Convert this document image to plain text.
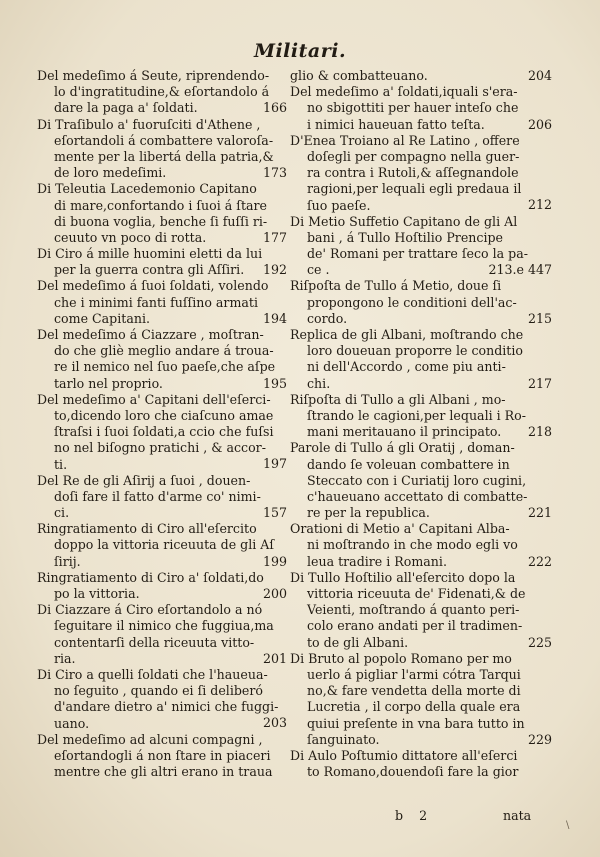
Militari.
Del medeſimo á Seute, riprendendo-
lo d'ingratitudine,& eſortandolo á
dare la paga a' ſoldati.	166
Di Traſibulo a' fuoruſciti d'Athene ,
eſortandoli á combattere valoroſa-
mente per la libertá della patria,&
de loro medeſimi.	173
Di Teleutia Lacedemonio Capitano
di mare,confortando i ſuoi á ſtare
di buona voglia, benche ſi fuſſi ri-
ceuuto vn poco di rotta.	177
Di Ciro á mille huomini eletti da lui
per la guerra contra gli Aſſiri.	192
Del medeſimo á ſuoi ſoldati, volendo
che i minimi fanti fuſſino armati
come Capitani.	194
Del medeſimo á Ciazzare , moſtran-
do che gliè meglio andare á troua-
re il nemico nel ſuo paeſe,che aſpe
tarlo nel proprio.	195
Del medeſimo a' Capitani dell'eſerci-
to,dicendo loro che ciaſcuno amae
ſtraſsi i ſuoi ſoldati,a ccio che fuſsi
no nel biſogno pratichi , & accor-
ti.	197
Del Re de gli Aſirij a ſuoi , douen-
doſi fare il fatto d'arme co' nimi-
ci.	157
Ringratiamento di Ciro all'eſercito
doppo la vittoria riceuuta de gli Aſ
ſirij.	199
Ringratiamento di Ciro a' ſoldati,do
po la vittoria.	200
Di Ciazzare á Ciro eſortandolo a nó
ſeguitare il nimico che fuggiua,ma
contentarſi della riceuuta vitto-
ria.	201
Di Ciro a quelli ſoldati che l'haueua-
no ſeguito , quando ei ſi deliberó
d'andare dietro a' nimici che fuggi-
uano.	203
Del medeſimo ad alcuni compagni ,
eſortandogli á non ſtare in piaceri
mentre che gli altri erano in traua
glio & combatteuano.	204
Del medeſimo a' ſoldati,iquali s'era-
no sbigottiti per hauer inteſo che
i nimici haueuan fatto teſta.	206
D'Enea Troiano al Re Latino , offere
doſegli per compagno nella guer-
ra contra i Rutoli,& aſſegnandole
ragioni,per lequali egli predaua il
ſuo paeſe.	212
Di Metio Suffetio Capitano de gli Al
bani , á Tullo Hoſtilio Prencipe
de' Romani per trattare ſeco la pa-
ce .	213.e 447
Riſpoſta de Tullo á Metio, doue ſi
propongono le conditioni dell'ac-
cordo.	215
Replica de gli Albani, moſtrando che
loro doueuan proporre le conditio
ni dell'Accordo , come piu anti-
chi.	217
Riſpoſta di Tullo a gli Albani , mo-
ſtrando le cagioni,per lequali i Ro-
mani meritauano il principato.	218
Parole di Tullo á gli Oratij , doman-
dando ſe voleuan combattere in
Steccato con i Curiatij loro cugini,
c'haueuano accettato di combatte-
re per la republica.	221
Orationi di Metio a' Capitani Alba-
ni moſtrando in che modo egli vo
leua tradire i Romani.	222
Di Tullo Hoſtilio all'eſercito dopo la
vittoria riceuuta de' Fidenati,& de
Veienti, moſtrando á quanto peri-
colo erano andati per il tradimen-
to de gli Albani.	225
Di Bruto al popolo Romano per mo
uerlo á pigliar l'armi cótra Tarqui
no,& fare vendetta della morte di
Lucretia , il corpo della quale era
quiui preſente in vna bara tutto in
ſanguinato.	229
Di Aulo Poſtumio dittatore all'eſerci
to Romano,douendoſi fare la gior
b 2	nata
\
